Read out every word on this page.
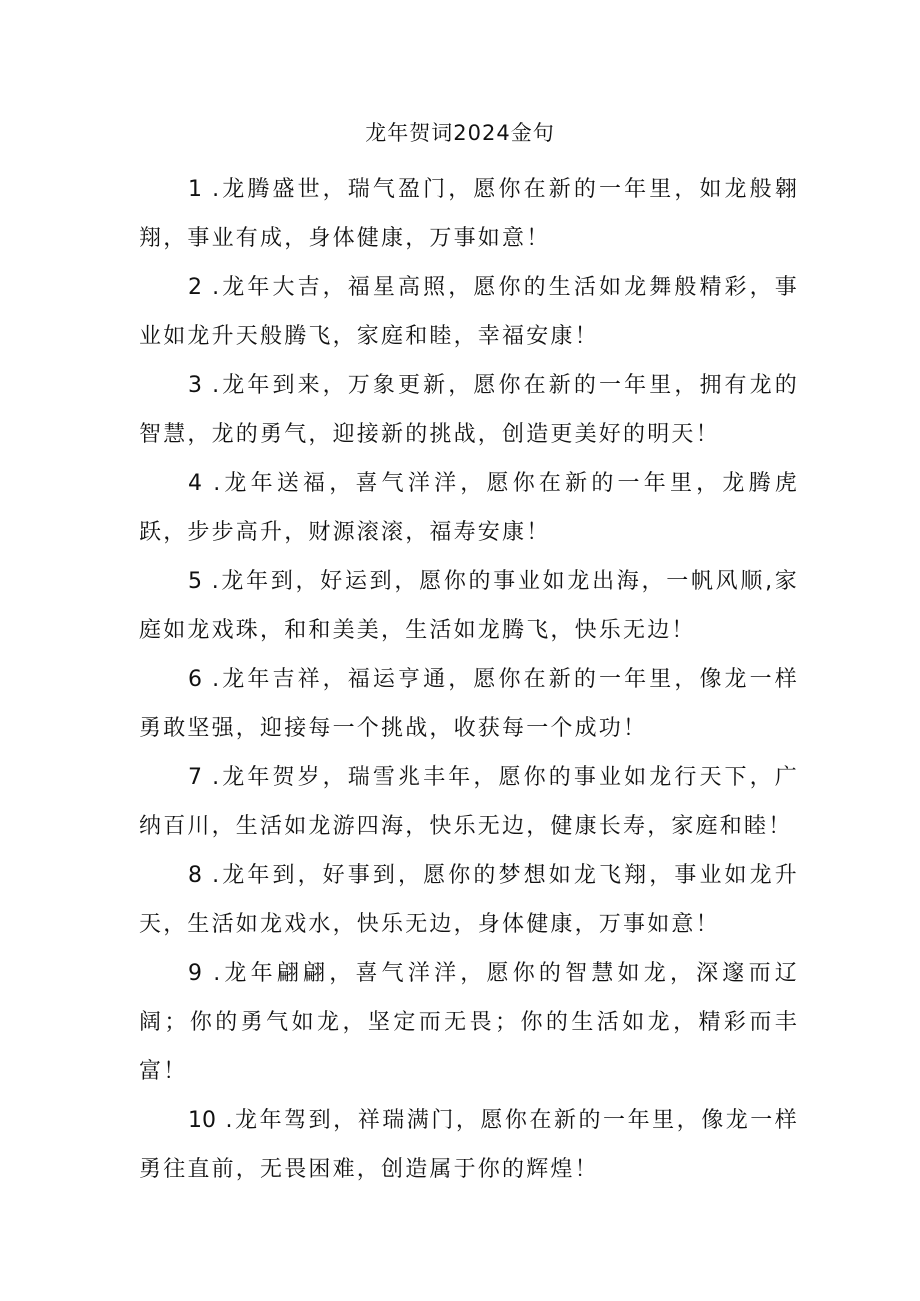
龙年贺词2024金句
1 .龙腾盛世，瑞气盈门，愿你在新的一年里，如龙般翱翔，事业有成，身体健康，万事如意！
2 .龙年大吉，福星高照，愿你的生活如龙舞般精彩，事业如龙升天般腾飞，家庭和睦，幸福安康！
3 .龙年到来，万象更新，愿你在新的一年里，拥有龙的智慧，龙的勇气，迎接新的挑战，创造更美好的明天！
4 .龙年送福，喜气洋洋，愿你在新的一年里，龙腾虎跃，步步高升，财源滚滚，福寿安康！
5 .龙年到，好运到，愿你的事业如龙出海，一帆风顺,家庭如龙戏珠，和和美美，生活如龙腾飞，快乐无边！
6 .龙年吉祥，福运亨通，愿你在新的一年里，像龙一样勇敢坚强，迎接每一个挑战，收获每一个成功！
7 .龙年贺岁，瑞雪兆丰年，愿你的事业如龙行天下，广纳百川，生活如龙游四海，快乐无边，健康长寿，家庭和睦！
8 .龙年到，好事到，愿你的梦想如龙飞翔，事业如龙升天，生活如龙戏水，快乐无边，身体健康，万事如意！
9 .龙年翩翩，喜气洋洋，愿你的智慧如龙，深邃而辽阔；你的勇气如龙，坚定而无畏；你的生活如龙，精彩而丰富！
10 .龙年驾到，祥瑞满门，愿你在新的一年里，像龙一样勇往直前，无畏困难，创造属于你的辉煌！
